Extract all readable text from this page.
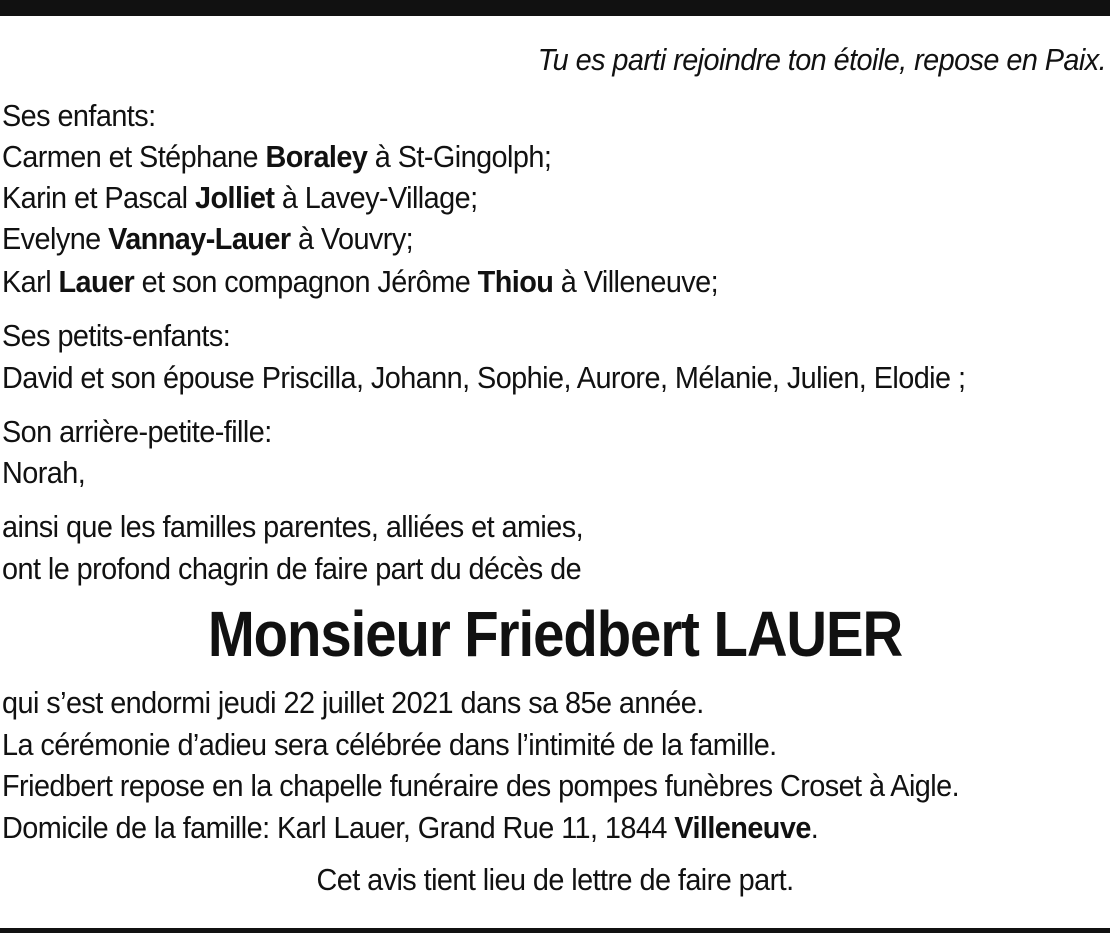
Tu es parti rejoindre ton étoile, repose en Paix.
Ses enfants:
Carmen et Stéphane Boraley à St-Gingolph;
Karin et Pascal Jolliet à Lavey-Village;
Evelyne Vannay-Lauer à Vouvry;
Karl Lauer et son compagnon Jérôme Thiou à Villeneuve;
Ses petits-enfants:
David et son épouse Priscilla, Johann, Sophie, Aurore, Mélanie, Julien, Elodie ;
Son arrière-petite-fille:
Norah,
ainsi que les familles parentes, alliées et amies,
ont le profond chagrin de faire part du décès de
Monsieur Friedbert LAUER
qui s’est endormi jeudi 22 juillet 2021 dans sa 85e année.
La cérémonie d’adieu sera célébrée dans l’intimité de la famille.
Friedbert repose en la chapelle funéraire des pompes funèbres Croset à Aigle.
Domicile de la famille: Karl Lauer, Grand Rue 11, 1844 Villeneuve.
Cet avis tient lieu de lettre de faire part.
